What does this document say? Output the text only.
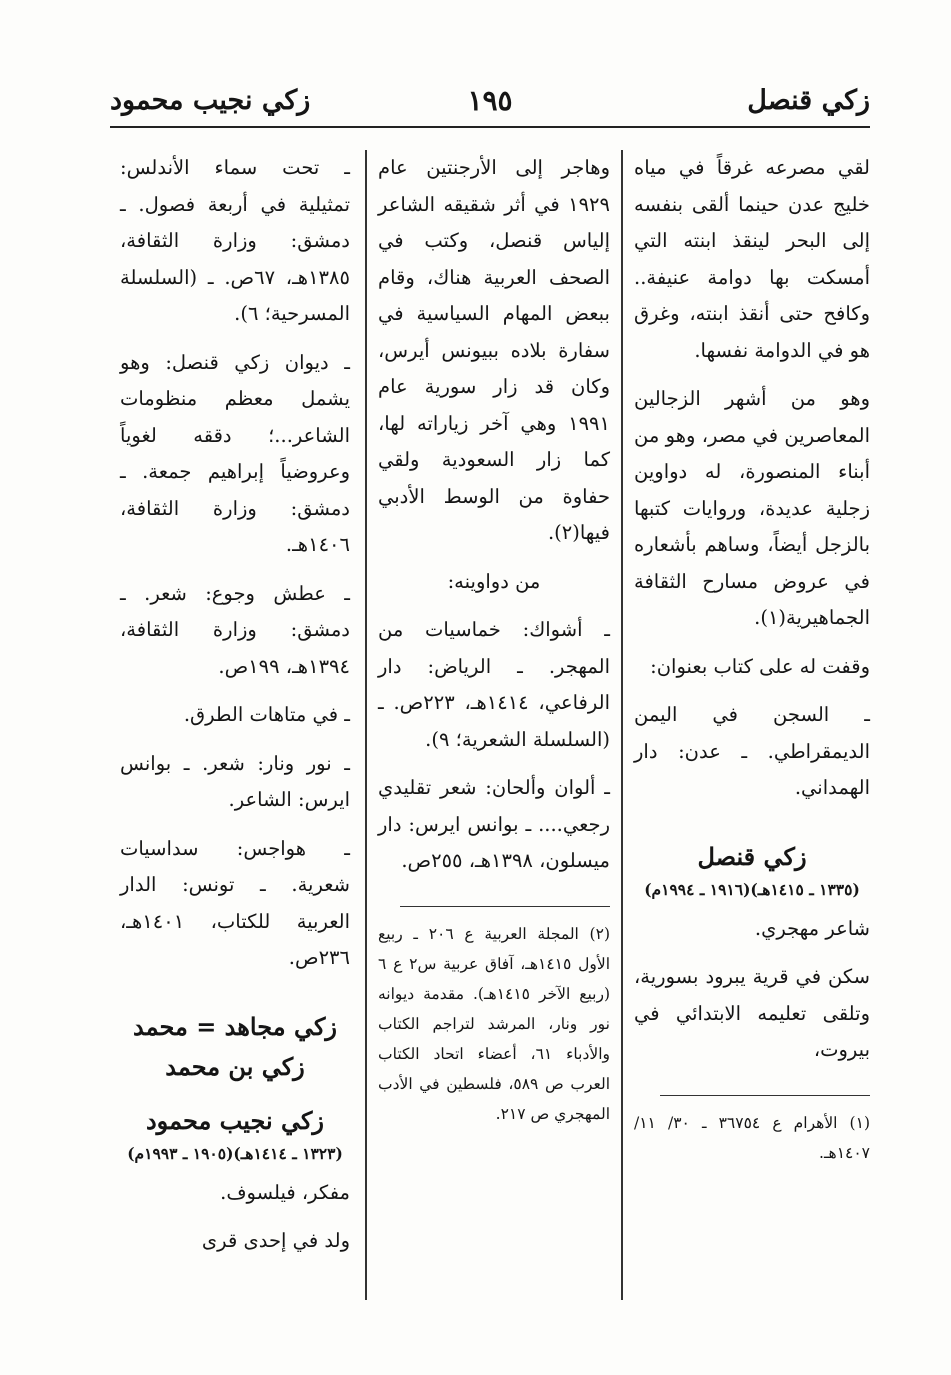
زكي قنصل
١٩٥
زكي نجيب محمود

لقي مصرعه غرقاً في مياه خليج عدن حينما ألقى بنفسه إلى البحر لينقذ ابنته التي أمسكت بها دوامة عنيفة.. وكافح حتى أنقذ ابنته، وغرق هو في الدوامة نفسها.

وهو من أشهر الزجالين المعاصرين في مصر، وهو من أبناء المنصورة، له دواوين زجلية عديدة، وروايات كتبها بالزجل أيضاً، وساهم بأشعاره في عروض مسارح الثقافة الجماهيرية(١).

وقفت له على كتاب بعنوان:

ـ السجن في اليمن الديمقراطي. ـ عدن: دار الهمداني.

زكي قنصل
(١٣٣٥ ـ ١٤١٥هـ)(١٩١٦ ـ ١٩٩٤م)

شاعر مهجري.

سكن في قرية يبرود بسورية، وتلقى تعليمه الابتدائي في بيروت،

(١) الأهرام ع ٣٦٧٥٤ ـ ٣٠/ ١١/ ١٤٠٧هـ.

وهاجر إلى الأرجنتين عام ١٩٢٩ في أثر شقيقه الشاعر إلياس قنصل، وكتب في الصحف العربية هناك، وقام ببعض المهام السياسية في سفارة بلاده ببيونس أيرس، وكان قد زار سورية عام ١٩٩١ وهي آخر زياراته لها، كما زار السعودية ولقي حفاوة من الوسط الأدبي فيها(٢).

من دواوينه:

ـ أشواك: خماسيات من المهجر. ـ الرياض: دار الرفاعي، ١٤١٤هـ، ٢٢٣ص. ـ (السلسلة الشعرية؛ ٩).

ـ ألوان وألحان: شعر تقليدي رجعي.... ـ بوانس ايرس: دار ميسلون، ١٣٩٨هـ، ٢٥٥ص.

(٢) المجلة العربية ع ٢٠٦ ـ ربيع الأول ١٤١٥هـ، آفاق عربية س٢ ع ٦ (ربيع الآخر ١٤١٥هـ). مقدمة ديوانه نور ونار، المرشد لتراجم الكتاب والأدباء ٦١، أعضاء اتحاد الكتاب العرب ص ٥٨٩، فلسطين في الأدب المهجري ص ٢١٧.

ـ تحت سماء الأندلس: تمثيلية في أربعة فصول. ـ دمشق: وزارة الثقافة، ١٣٨٥هـ، ٦٧ص. ـ (السلسلة المسرحية؛ ٦).

ـ ديوان زكي قنصل: وهو يشمل معظم منظومات الشاعر...؛ دققه لغوياً وعروضياً إبراهيم جمعة. ـ دمشق: وزارة الثقافة، ١٤٠٦هـ.

ـ عطش وجوع: شعر. ـ دمشق: وزارة الثقافة، ١٣٩٤هـ، ١٩٩ص.

ـ في متاهات الطرق.

ـ نور ونار: شعر. ـ بوانس ايرس: الشاعر.

ـ هواجس: سداسيات شعرية. ـ تونس: الدار العربية للكتاب، ١٤٠١هـ، ٢٣٦ص.

زكي مجاهد = محمد زكي بن محمد
زكي نجيب محمود
(١٣٢٣ ـ ١٤١٤هـ)(١٩٠٥ ـ ١٩٩٣م)

مفكر، فيلسوف.

ولد في إحدى قرى
